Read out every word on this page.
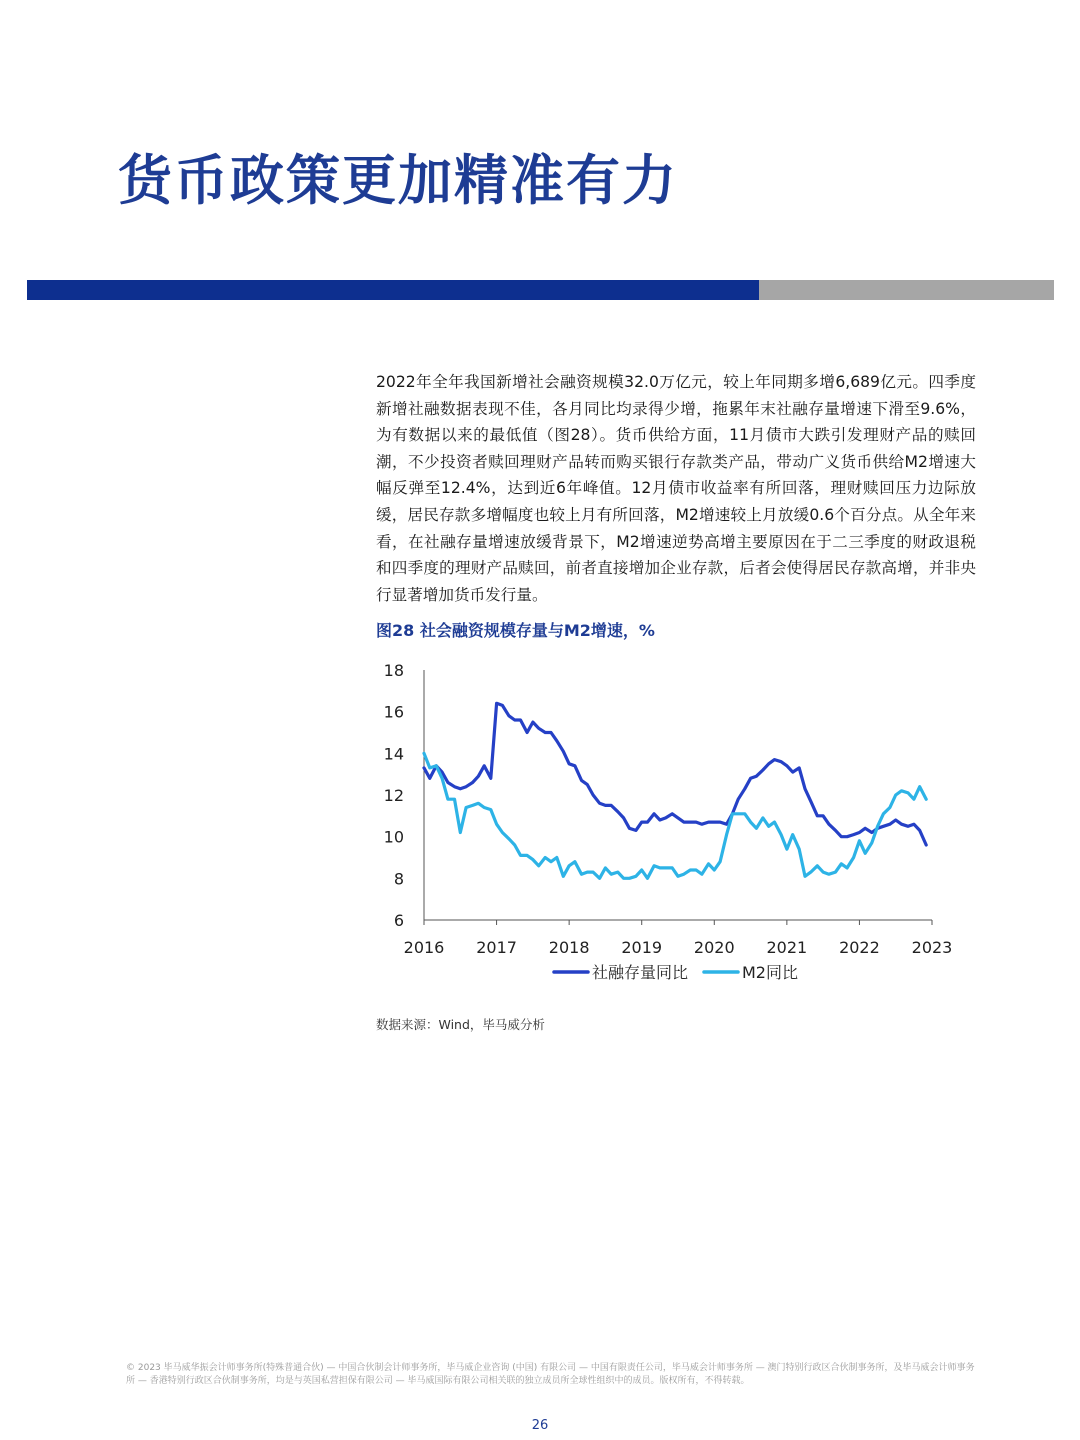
货币政策更加精准有力

2022年全年我国新增社会融资规模32.0万亿元，较上年同期多增6,689亿元。四季度新增社融数据表现不佳，各月同比均录得少增，拖累年末社融存量增速下滑至9.6%，为有数据以来的最低值（图28）。货币供给方面，11月债市大跌引发理财产品的赎回潮，不少投资者赎回理财产品转而购买银行存款类产品，带动广义货币供给M2增速大幅反弹至12.4%，达到近6年峰值。12月债市收益率有所回落，理财赎回压力边际放缓，居民存款多增幅度也较上月有所回落，M2增速较上月放缓0.6个百分点。从全年来看，在社融存量增速放缓背景下，M2增速逆势高增主要原因在于二三季度的财政退税和四季度的理财产品赎回，前者直接增加企业存款，后者会使得居民存款高增，并非央行显著增加货币发行量。

图28 社会融资规模存量与M2增速，%

6
8
10
12
14
16
18
2016 2017 2018 2019 2020 2021 2022 2023
社融存量同比	M2同比

数据来源：Wind，毕马威分析

© 2023 毕马威华振会计师事务所(特殊普通合伙) — 中国合伙制会计师事务所，毕马威企业咨询 (中国) 有限公司 — 中国有限责任公司，毕马威会计师事务所 — 澳门特别行政区合伙制事务所，及毕马威会计师事务所 — 香港特别行政区合伙制事务所，均是与英国私营担保有限公司 — 毕马威国际有限公司相关联的独立成员所全球性组织中的成员。版权所有，不得转载。

26
